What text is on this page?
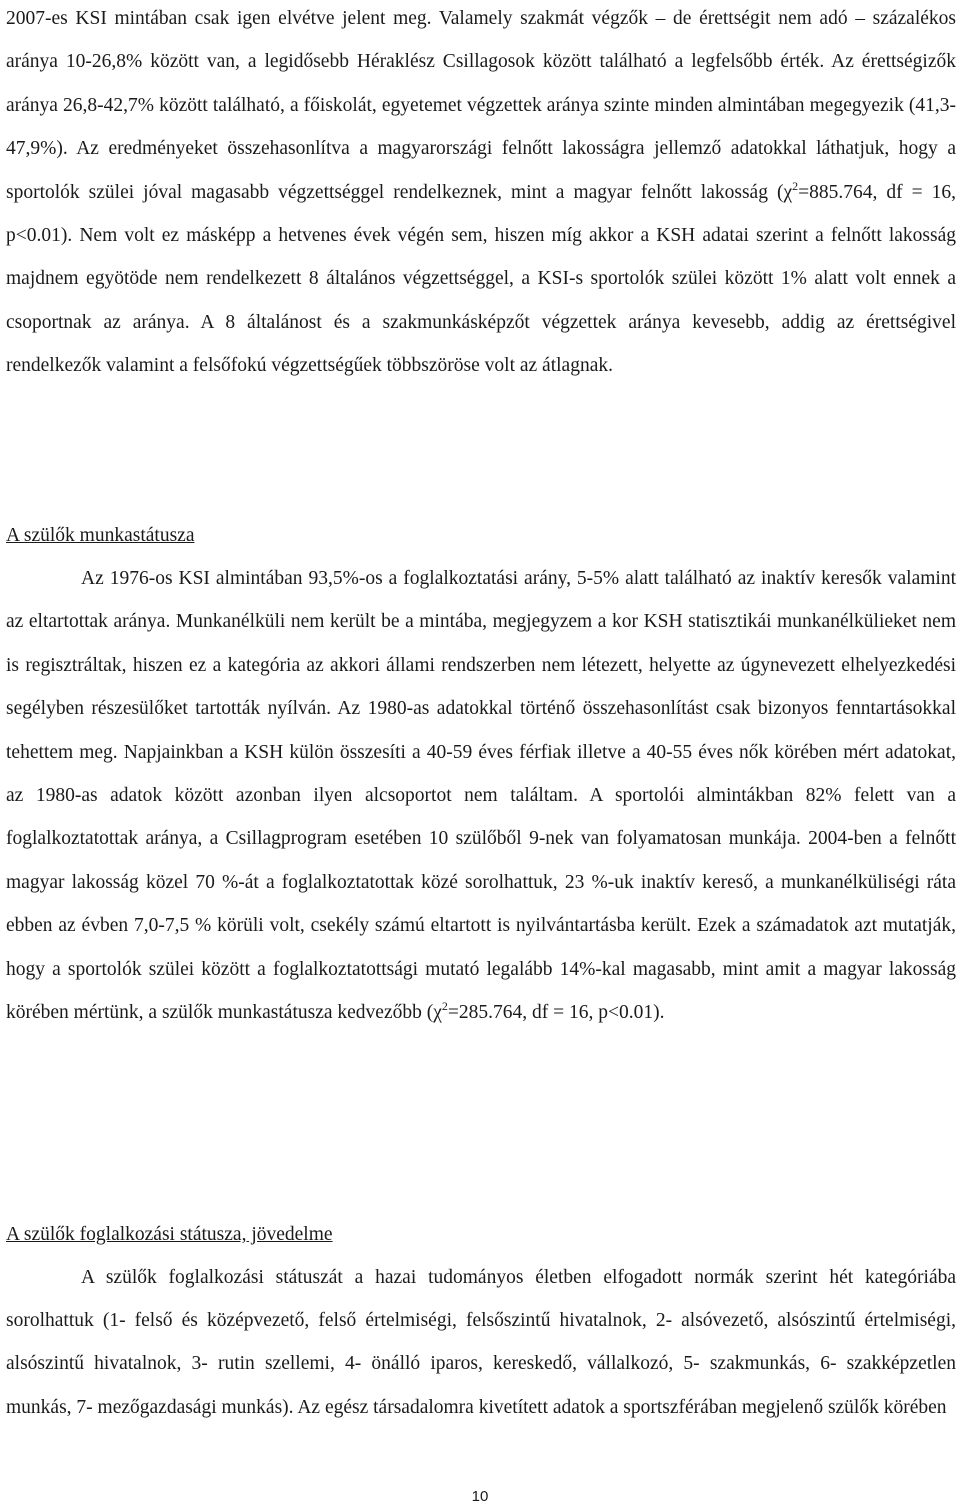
2007-es KSI mintában csak igen elvétve jelent meg. Valamely szakmát végzők – de érettségit nem adó – százalékos aránya 10-26,8% között van, a legidősebb Héraklész Csillagosok között található a legfelsőbb érték. Az érettségizők aránya 26,8-42,7% között található, a főiskolát, egyetemet végzettek aránya szinte minden almintában megegyezik (41,3-47,9%). Az eredményeket összehasonlítva a magyarországi felnőtt lakosságra jellemző adatokkal láthatjuk, hogy a sportolók szülei jóval magasabb végzettséggel rendelkeznek, mint a magyar felnőtt lakosság ($\chi^2=885.764$, df = 16, p<0.01). Nem volt ez másképp a hetvenes évek végén sem, hiszen míg akkor a KSH adatai szerint a felnőtt lakosság majdnem egyötöde nem rendelkezett 8 általános végzettséggel, a KSI-s sportolók szülei között 1% alatt volt ennek a csoportnak az aránya. A 8 általánost és a szakmunkásképzőt végzettek aránya kevesebb, addig az érettségivel rendelkezők valamint a felsőfokú végzettségűek többszöröse volt az átlagnak.

A szülők munkastátusza

Az 1976-os KSI almintában 93,5%-os a foglalkoztatási arány, 5-5% alatt található az inaktív keresők valamint az eltartottak aránya. Munkanélküli nem került be a mintába, megjegyzem a kor KSH statisztikái munkanélkülieket nem is regisztráltak, hiszen ez a kategória az akkori állami rendszerben nem létezett, helyette az úgynevezett elhelyezkedési segélyben részesülőket tartották nyílván. Az 1980-as adatokkal történő összehasonlítást csak bizonyos fenntartásokkal tehettem meg. Napjainkban a KSH külön összesíti a 40-59 éves férfiak illetve a 40-55 éves nők körében mért adatokat, az 1980-as adatok között azonban ilyen alcsoportot nem találtam. A sportolói almintákban 82% felett van a foglalkoztatottak aránya, a Csillagprogram esetében 10 szülőből 9-nek van folyamatosan munkája. 2004-ben a felnőtt magyar lakosság közel 70 %-át a foglalkoztatottak közé sorolhattuk, 23 %-uk inaktív kereső, a munkanélküliségi ráta ebben az évben 7,0-7,5 % körüli volt, csekély számú eltartott is nyilvántartásba került. Ezek a számadatok azt mutatják, hogy a sportolók szülei között a foglalkoztatottsági mutató legalább 14%-kal magasabb, mint amit a magyar lakosság körében mértünk, a szülők munkastátusza kedvezőbb ($\chi^2=285.764$, df = 16, p<0.01).

A szülők foglalkozási státusza, jövedelme

A szülők foglalkozási státuszát a hazai tudományos életben elfogadott normák szerint hét kategóriába sorolhattuk (1- felső és középvezető, felső értelmiségi, felsőszintű hivatalnok, 2- alsóvezető, alsószintű értelmiségi, alsószintű hivatalnok, 3- rutin szellemi, 4- önálló iparos, kereskedő, vállalkozó, 5- szakmunkás, 6- szakképzetlen munkás, 7- mezőgazdasági munkás). Az egész társadalomra kivetített adatok a sportszférában megjelenő szülők körében

10
